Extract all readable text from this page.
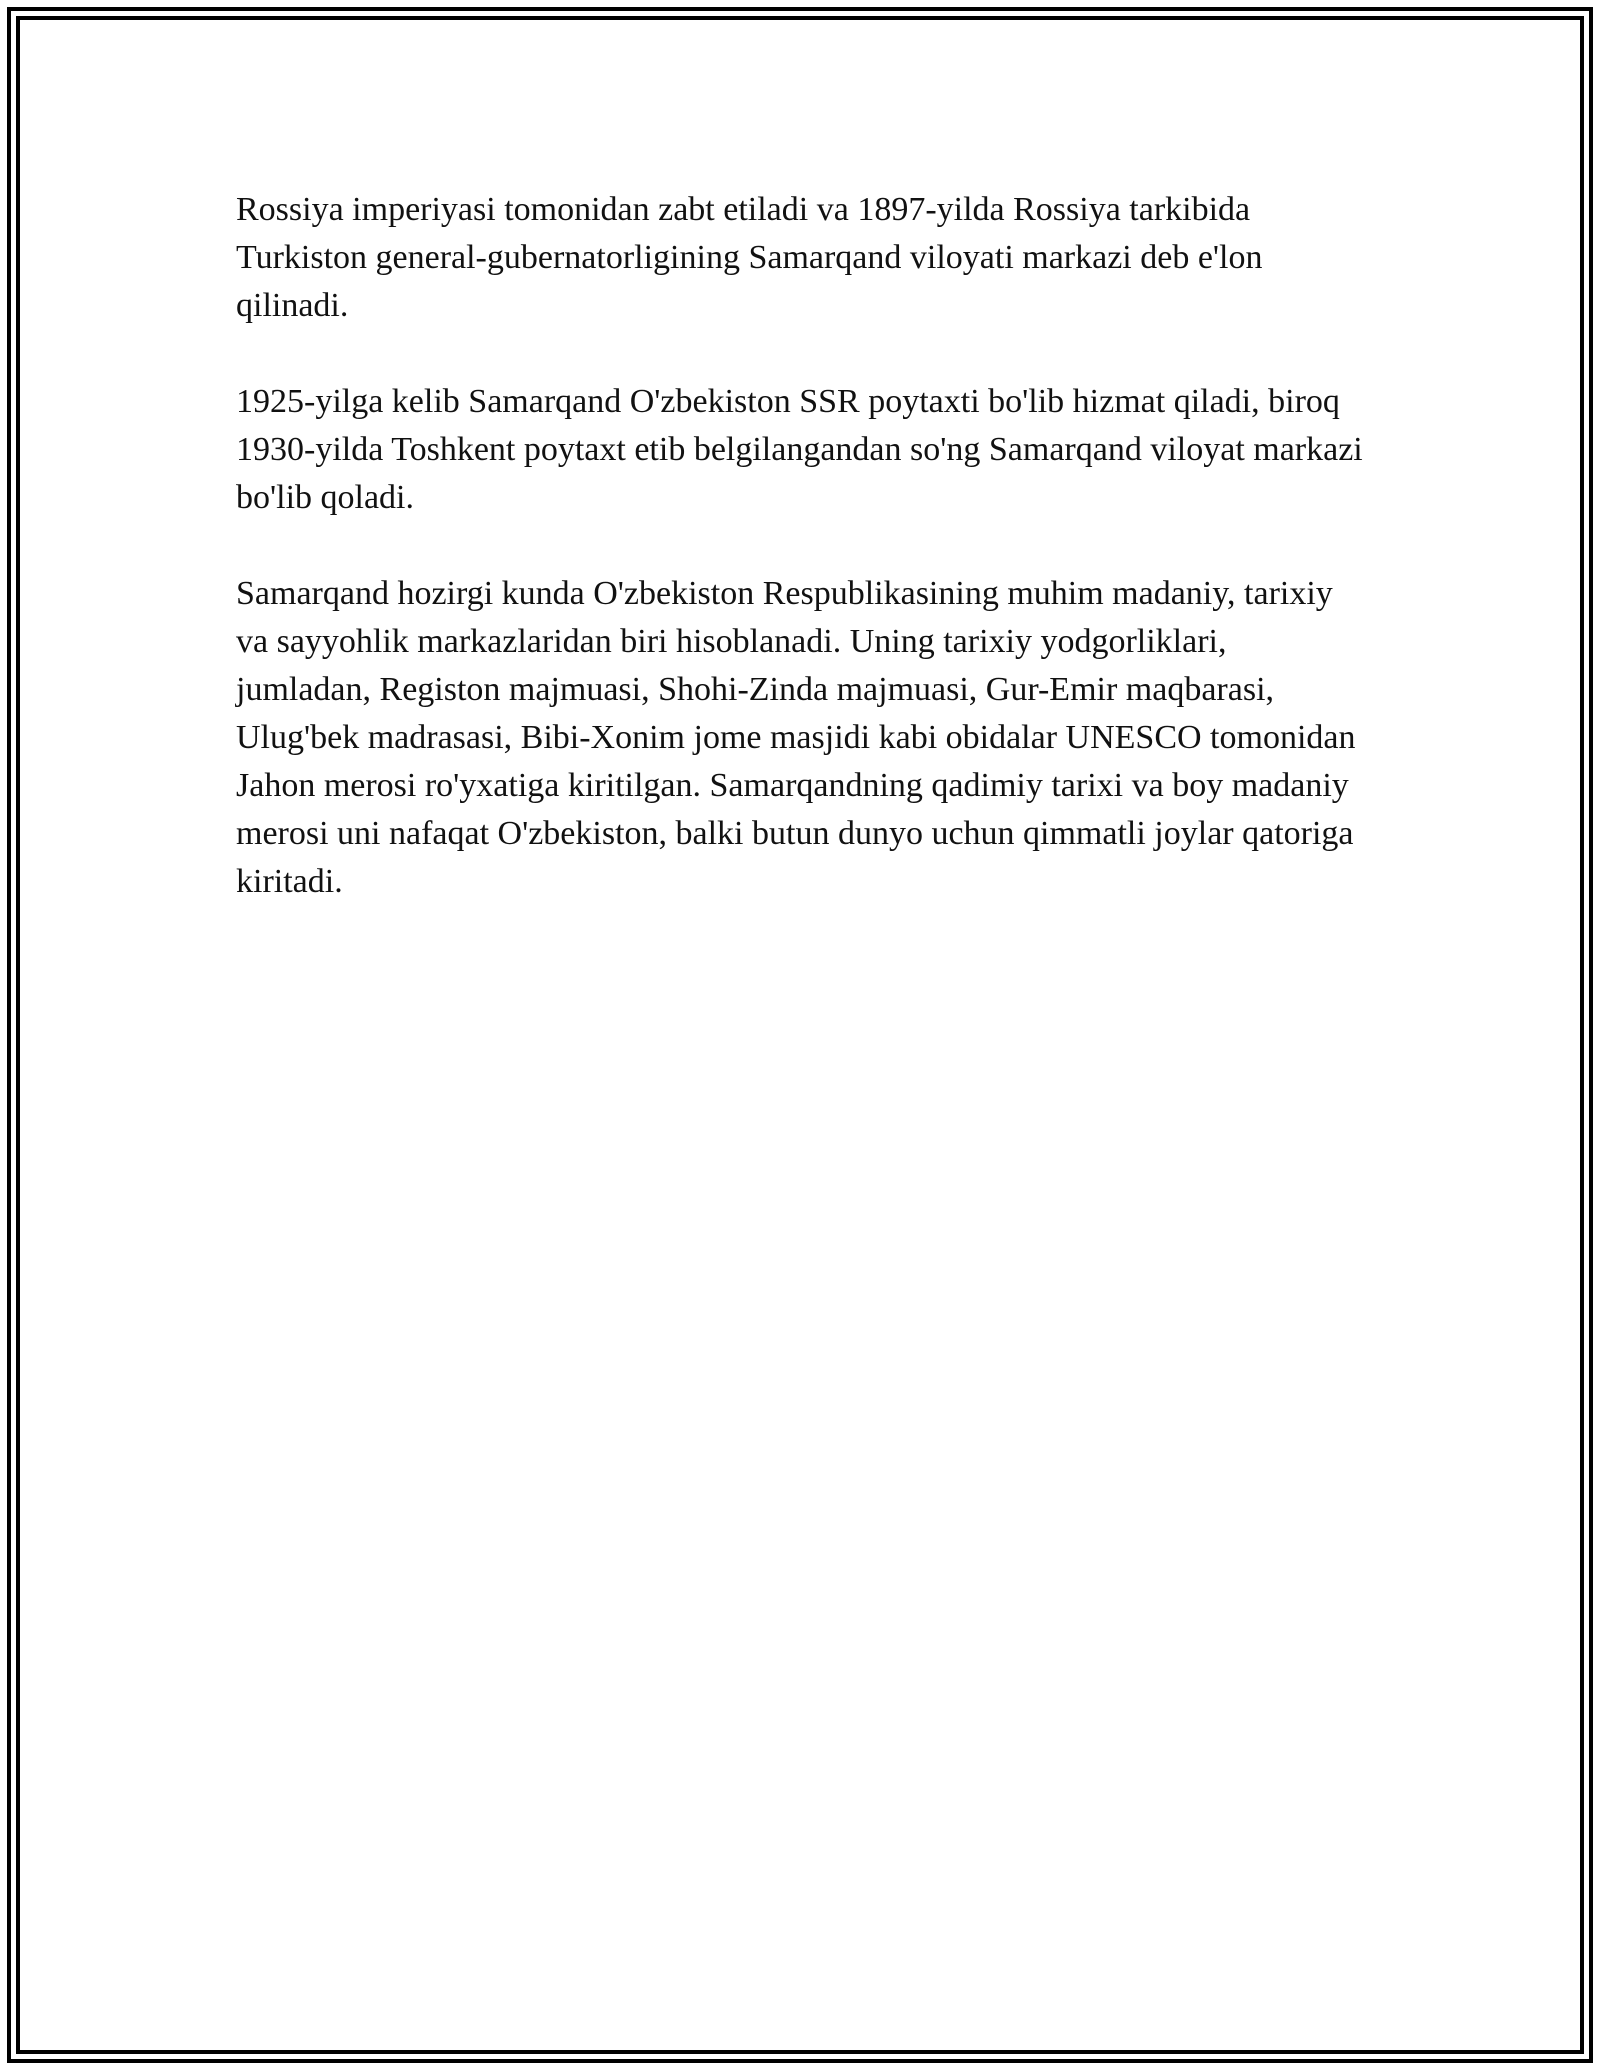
Rossiya imperiyasi tomonidan zabt etiladi va 1897-yilda Rossiya tarkibida Turkiston general-gubernatorligining Samarqand viloyati markazi deb e'lon qilinadi.

1925-yilga kelib Samarqand O'zbekiston SSR poytaxti bo'lib hizmat qiladi, biroq 1930-yilda Toshkent poytaxt etib belgilangandan so'ng Samarqand viloyat markazi bo'lib qoladi.

Samarqand hozirgi kunda O'zbekiston Respublikasining muhim madaniy, tarixiy va sayyohlik markazlaridan biri hisoblanadi. Uning tarixiy yodgorliklari, jumladan, Registon majmuasi, Shohi-Zinda majmuasi, Gur-Emir maqbarasi, Ulug'bek madrasasi, Bibi-Xonim jome masjidi kabi obidalar UNESCO tomonidan Jahon merosi ro'yxatiga kiritilgan. Samarqandning qadimiy tarixi va boy madaniy merosi uni nafaqat O'zbekiston, balki butun dunyo uchun qimmatli joylar qatoriga kiritadi.
